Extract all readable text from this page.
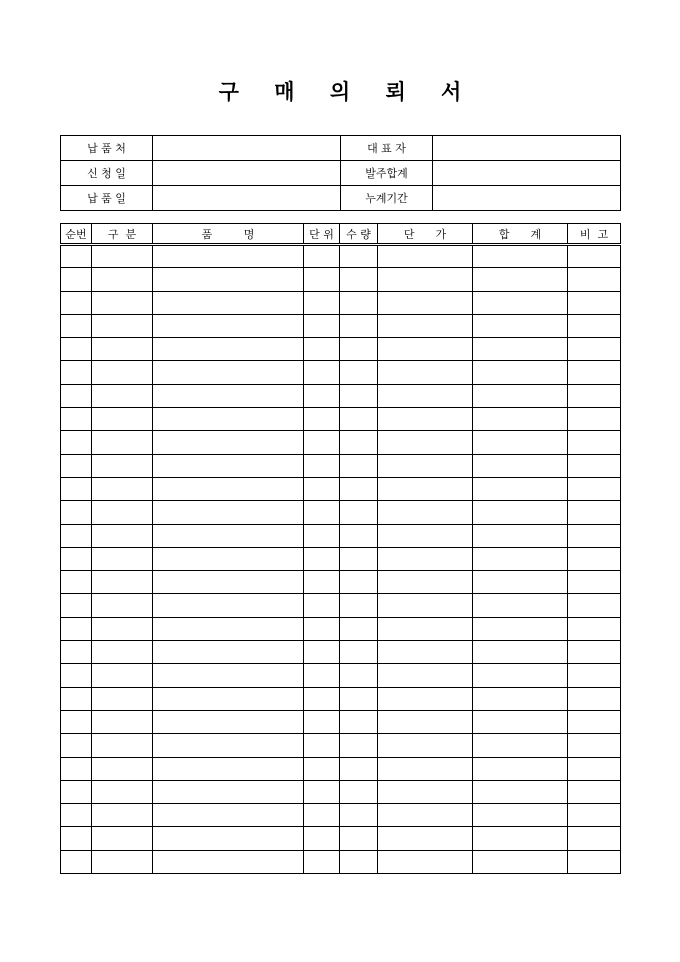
구 매 의 뢰 서
납 품 처		대 표 자	
신 청 일		발주합계	
납 품 일		누계기간	
순번	구  분	품         명	단 위	수 량	단      가	합      계	비  고
